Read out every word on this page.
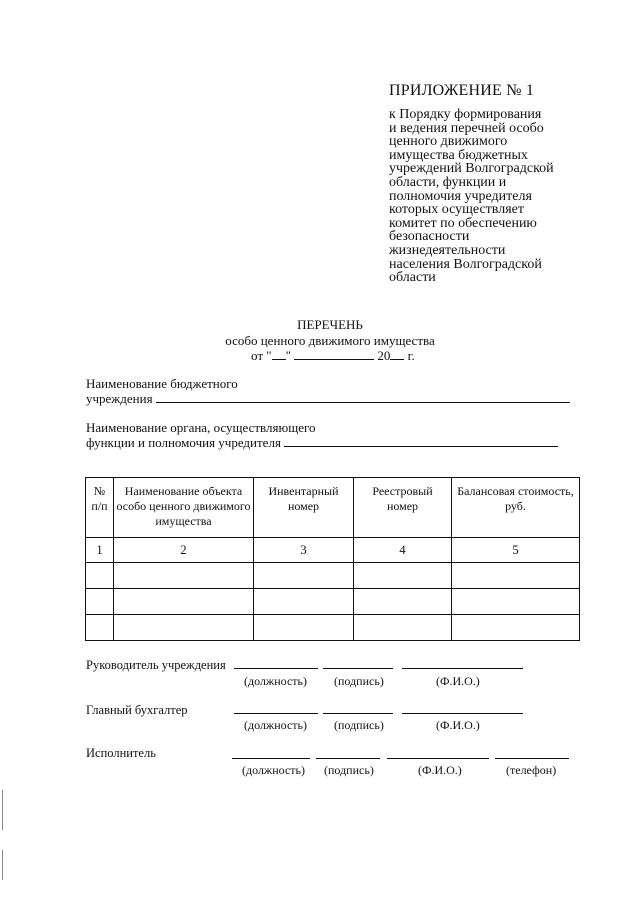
ПРИЛОЖЕНИЕ № 1
к Порядку формирования
и ведения перечней особо
ценного движимого
имущества бюджетных
учреждений Волгоградской
области, функции и
полномочия учредителя
которых осуществляет
комитет по обеспечению
безопасности
жизнедеятельности
населения Волгоградской
области
ПЕРЕЧЕНЬ
особо ценного движимого имущества
от " "	20 г.
Наименование бюджетного
учреждения
Наименование органа, осуществляющего
функции и полномочия учредителя
№ п/п	Наименование объекта особо ценного движимого имущества	Инвентарный номер	Реестровый номер	Балансовая стоимость, руб.
1	2	3	4	5

Руководитель учреждения
(должность) (подпись)	(Ф.И.О.)
Главный бухгалтер
(должность) (подпись)	(Ф.И.О.)
Исполнитель
(должность) (подпись)	(Ф.И.О.)	(телефон)
